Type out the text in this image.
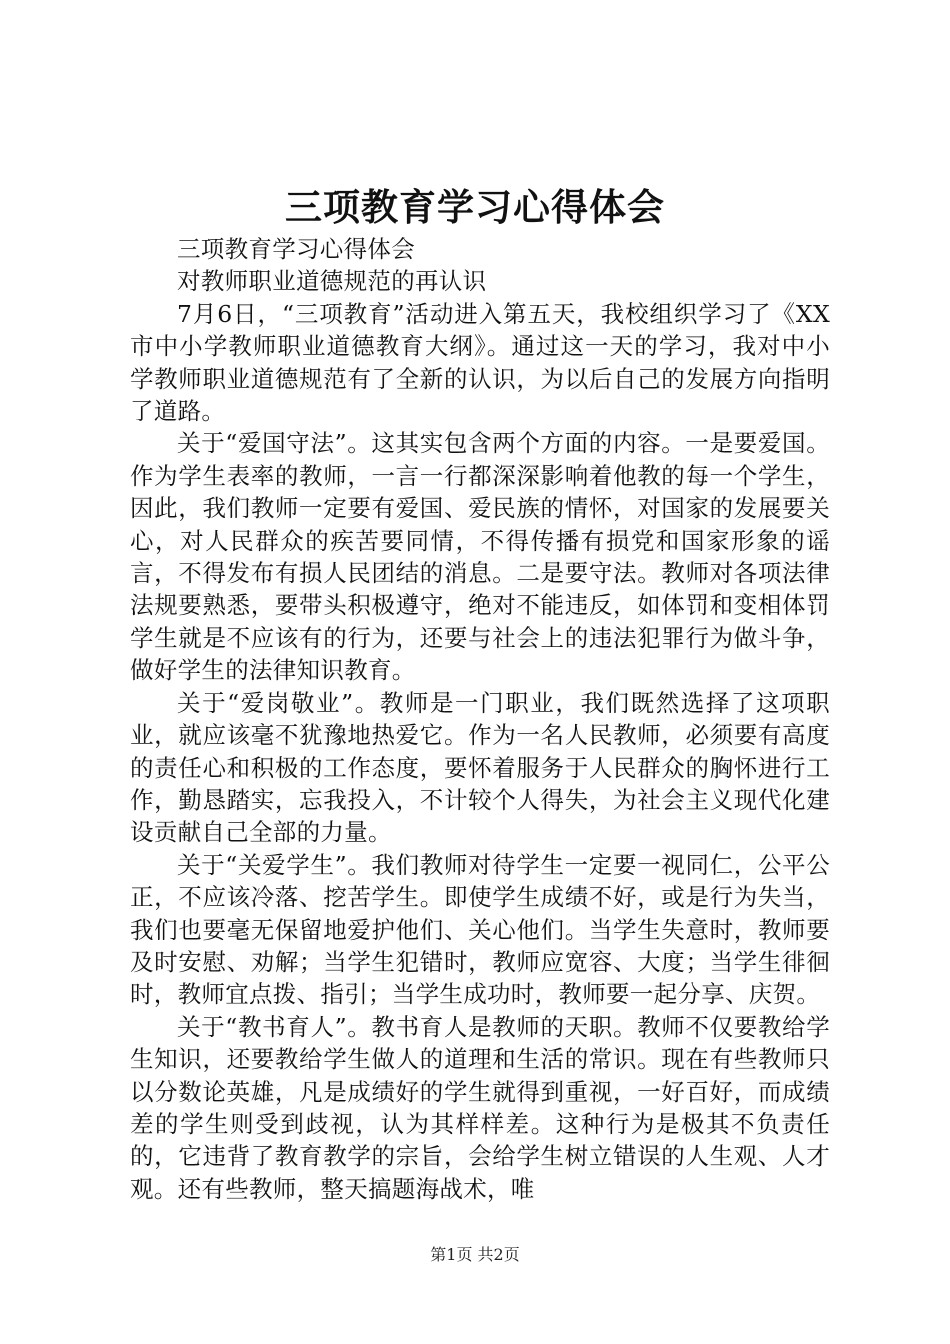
三项教育学习心得体会

三项教育学习心得体会

对教师职业道德规范的再认识

7月6日，“三项教育”活动进入第五天，我校组织学习了《XX市中小学教师职业道德教育大纲》。通过这一天的学习，我对中小学教师职业道德规范有了全新的认识，为以后自己的发展方向指明了道路。

关于“爱国守法”。这其实包含两个方面的内容。一是要爱国。作为学生表率的教师，一言一行都深深影响着他教的每一个学生，因此，我们教师一定要有爱国、爱民族的情怀，对国家的发展要关心，对人民群众的疾苦要同情，不得传播有损党和国家形象的谣言，不得发布有损人民团结的消息。二是要守法。教师对各项法律法规要熟悉，要带头积极遵守，绝对不能违反，如体罚和变相体罚学生就是不应该有的行为，还要与社会上的违法犯罪行为做斗争，做好学生的法律知识教育。

关于“爱岗敬业”。教师是一门职业，我们既然选择了这项职业，就应该毫不犹豫地热爱它。作为一名人民教师，必须要有高度的责任心和积极的工作态度，要怀着服务于人民群众的胸怀进行工作，勤恳踏实，忘我投入，不计较个人得失，为社会主义现代化建设贡献自己全部的力量。

关于“关爱学生”。我们教师对待学生一定要一视同仁，公平公正，不应该冷落、挖苦学生。即使学生成绩不好，或是行为失当，我们也要毫无保留地爱护他们、关心他们。当学生失意时，教师要及时安慰、劝解；当学生犯错时，教师应宽容、大度；当学生徘徊时，教师宜点拨、指引；当学生成功时，教师要一起分享、庆贺。

关于“教书育人”。教书育人是教师的天职。教师不仅要教给学生知识，还要教给学生做人的道理和生活的常识。现在有些教师只以分数论英雄，凡是成绩好的学生就得到重视，一好百好，而成绩差的学生则受到歧视，认为其样样差。这种行为是极其不负责任的，它违背了教育教学的宗旨，会给学生树立错误的人生观、人才观。还有些教师，整天搞题海战术，唯

第1页 共2页
